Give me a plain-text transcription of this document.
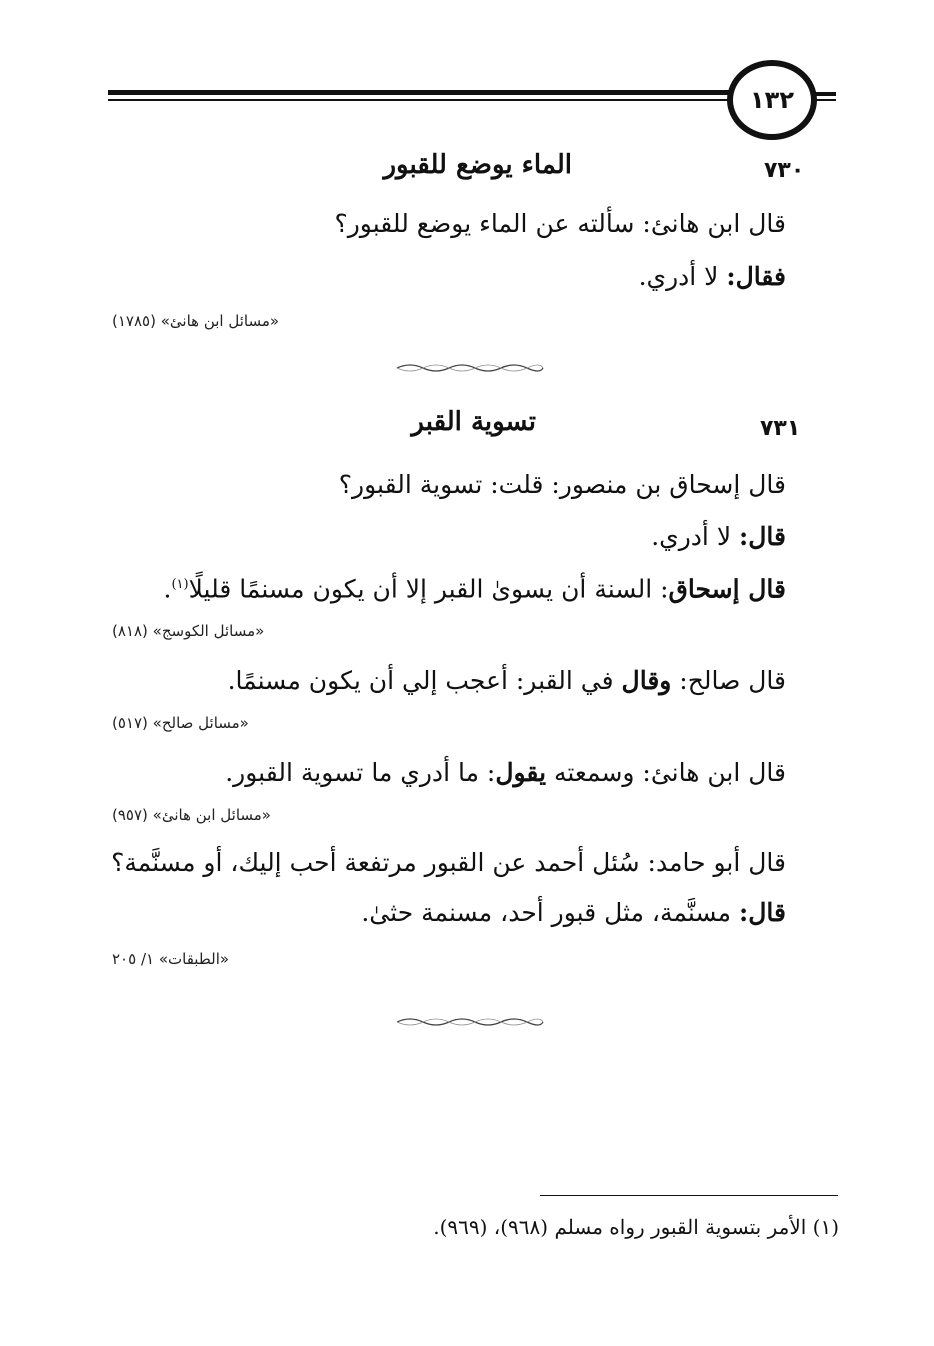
١٣٢
٧٣٠
الماء يوضع للقبور
قال ابن هانئ: سألته عن الماء يوضع للقبور؟
فقال: لا أدري.
«مسائل ابن هانئ» (١٧٨٥)
٧٣١
تسوية القبر
قال إسحاق بن منصور: قلت: تسوية القبور؟
قال: لا أدري.
قال إسحاق: السنة أن يسوىٰ القبر إلا أن يكون مسنمًا قليلًا$^{(١)}$.
«مسائل الكوسج» (٨١٨)
قال صالح: وقال في القبر: أعجب إلي أن يكون مسنمًا.
«مسائل صالح» (٥١٧)
قال ابن هانئ: وسمعته يقول: ما أدري ما تسوية القبور.
«مسائل ابن هانئ» (٩٥٧)
قال أبو حامد: سُئل أحمد عن القبور مرتفعة أحب إليك، أو مسنَّمة؟
قال: مسنَّمة، مثل قبور أحد، مسنمة حثىٰ.
«الطبقات» ١/ ٢٠٥
(١) الأمر بتسوية القبور رواه مسلم (٩٦٨)، (٩٦٩).
